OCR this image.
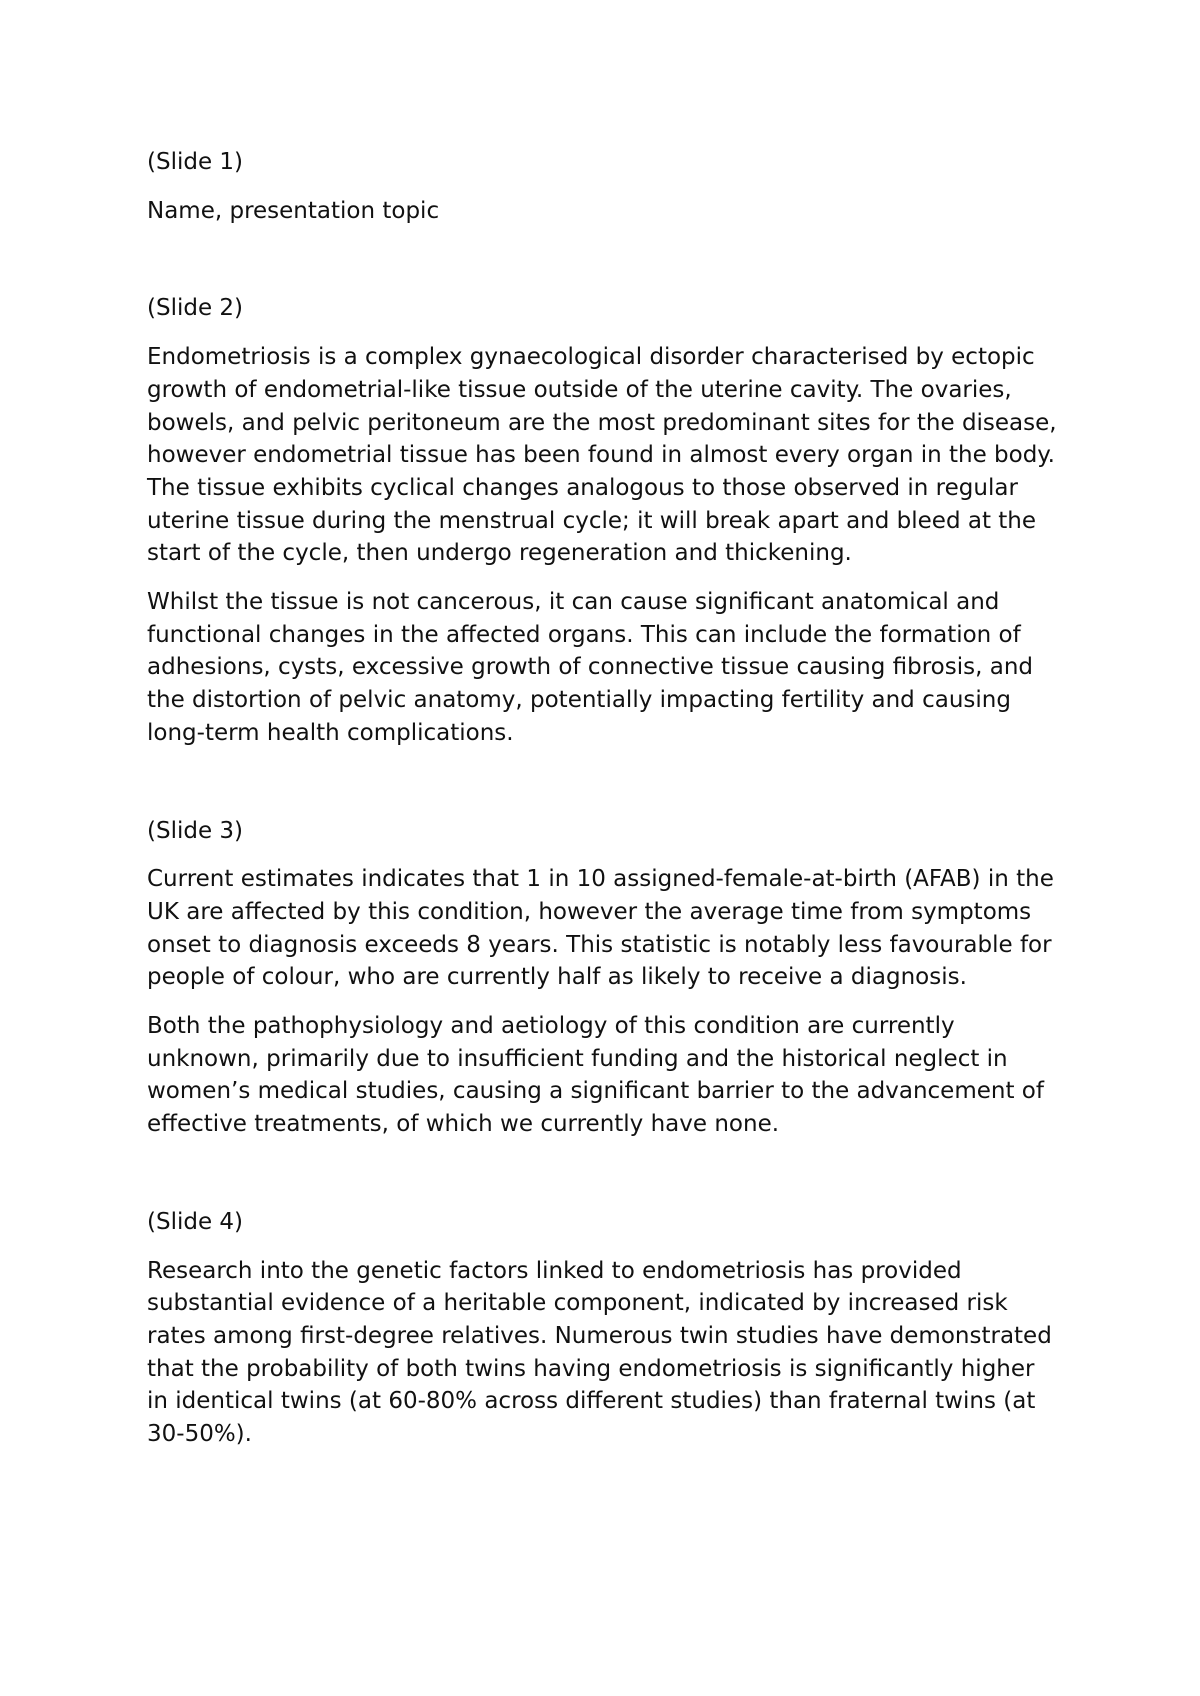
(Slide 1)

Name, presentation topic

(Slide 2)

Endometriosis is a complex gynaecological disorder characterised by ectopic growth of endometrial-like tissue outside of the uterine cavity. The ovaries, bowels, and pelvic peritoneum are the most predominant sites for the disease, however endometrial tissue has been found in almost every organ in the body. The tissue exhibits cyclical changes analogous to those observed in regular uterine tissue during the menstrual cycle; it will break apart and bleed at the start of the cycle, then undergo regeneration and thickening.

Whilst the tissue is not cancerous, it can cause significant anatomical and functional changes in the affected organs. This can include the formation of adhesions, cysts, excessive growth of connective tissue causing fibrosis, and the distortion of pelvic anatomy, potentially impacting fertility and causing long-term health complications.

(Slide 3)

Current estimates indicates that 1 in 10 assigned-female-at-birth (AFAB) in the UK are affected by this condition, however the average time from symptoms onset to diagnosis exceeds 8 years. This statistic is notably less favourable for people of colour, who are currently half as likely to receive a diagnosis.

Both the pathophysiology and aetiology of this condition are currently unknown, primarily due to insufficient funding and the historical neglect in women’s medical studies, causing a significant barrier to the advancement of effective treatments, of which we currently have none.

(Slide 4)

Research into the genetic factors linked to endometriosis has provided substantial evidence of a heritable component, indicated by increased risk rates among first-degree relatives. Numerous twin studies have demonstrated that the probability of both twins having endometriosis is significantly higher in identical twins (at 60-80% across different studies) than fraternal twins (at 30-50%).
